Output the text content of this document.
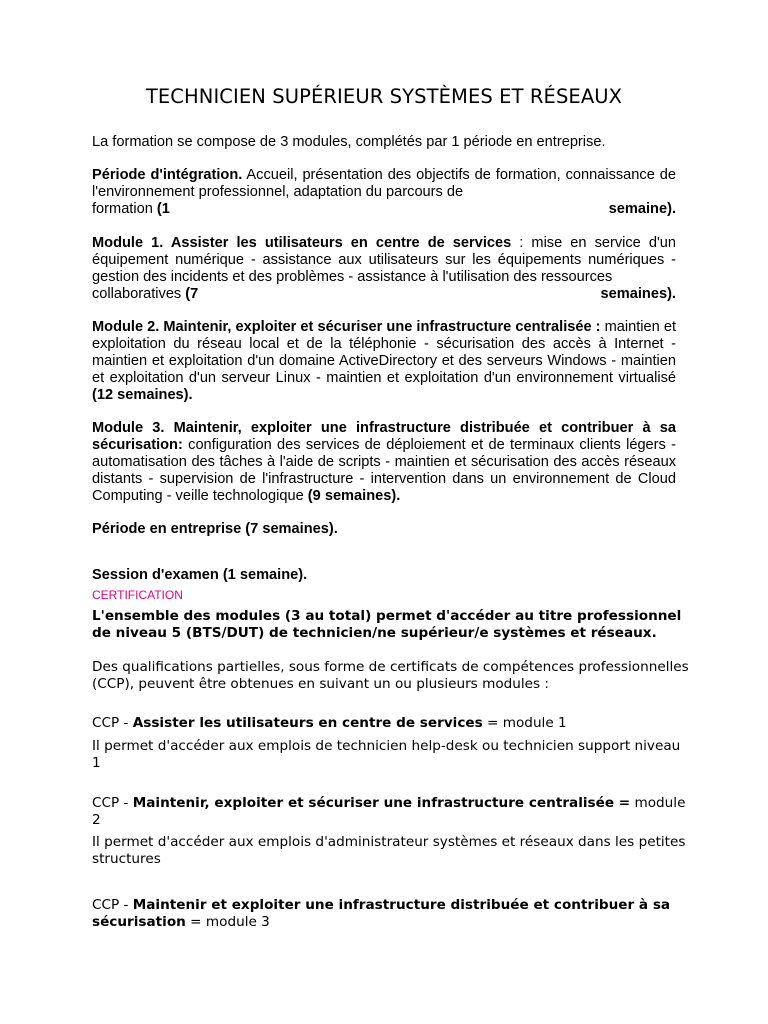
TECHNICIEN SUPÉRIEUR SYSTÈMES ET RÉSEAUX

La formation se compose de 3 modules, complétés par 1 période en entreprise.

Période d'intégration. Accueil, présentation des objectifs de formation, connaissance de l'environnement professionnel, adaptation du parcours de
formation (1	semaine).
Module 1. Assister les utilisateurs en centre de services : mise en service d'un équipement numérique - assistance aux utilisateurs sur les équipements numériques - gestion des incidents et des problèmes - assistance à l'utilisation des ressources
collaboratives (7	semaines).

Module 2. Maintenir, exploiter et sécuriser une infrastructure centralisée : maintien et exploitation du réseau local et de la téléphonie - sécurisation des accès à Internet - maintien et exploitation d'un domaine ActiveDirectory et des serveurs Windows - maintien et exploitation d'un serveur Linux - maintien et exploitation d'un environnement virtualisé (12 semaines).

Module 3. Maintenir, exploiter une infrastructure distribuée et contribuer à sa sécurisation: configuration des services de déploiement et de terminaux clients légers - automatisation des tâches à l'aide de scripts - maintien et sécurisation des accès réseaux distants - supervision de l'infrastructure - intervention dans un environnement de Cloud Computing - veille technologique (9 semaines).

Période en entreprise (7 semaines).

Session d'examen (1 semaine).

CERTIFICATION

L'ensemble des modules (3 au total) permet d'accéder au titre professionnel de niveau 5 (BTS/DUT) de technicien/ne supérieur/e systèmes et réseaux.

Des qualifications partielles, sous forme de certificats de compétences professionnelles (CCP), peuvent être obtenues en suivant un ou plusieurs modules :

CCP - Assister les utilisateurs en centre de services = module 1

Il permet d'accéder aux emplois de technicien help-desk ou technicien support niveau 1

CCP - Maintenir, exploiter et sécuriser une infrastructure centralisée = module 2

Il permet d'accéder aux emplois d'administrateur systèmes et réseaux dans les petites structures

CCP - Maintenir et exploiter une infrastructure distribuée et contribuer à sa sécurisation = module 3
